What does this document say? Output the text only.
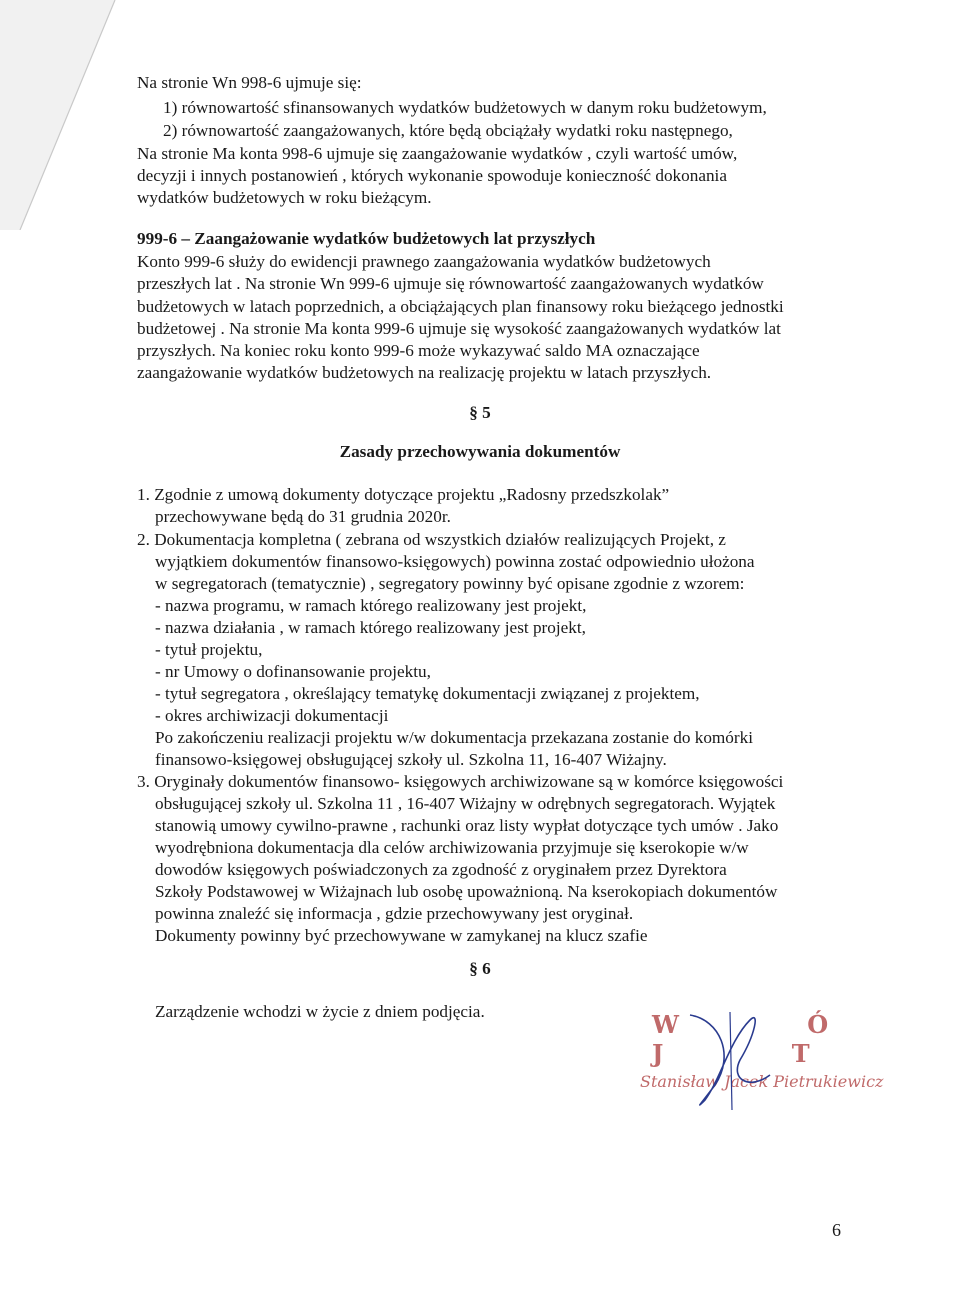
Na stronie Wn 998-6 ujmuje się:
1) równowartość sfinansowanych wydatków budżetowych w danym roku budżetowym,
2) równowartość zaangażowanych, które będą obciążały wydatki roku następnego,
Na stronie Ma konta 998-6 ujmuje się zaangażowanie wydatków , czyli wartość umów,
decyzji i innych postanowień , których wykonanie spowoduje konieczność dokonania
wydatków budżetowych w roku bieżącym.
999-6 – Zaangażowanie wydatków budżetowych lat przyszłych
Konto 999-6 służy do ewidencji prawnego zaangażowania wydatków budżetowych
przeszłych lat . Na stronie Wn 999-6 ujmuje się równowartość zaangażowanych wydatków
budżetowych w latach poprzednich, a obciążających plan finansowy roku bieżącego jednostki
budżetowej . Na stronie Ma konta 999-6 ujmuje się wysokość zaangażowanych wydatków lat
przyszłych. Na koniec roku konto 999-6 może wykazywać saldo MA oznaczające
zaangażowanie wydatków budżetowych na realizację projektu w latach przyszłych.
§ 5
Zasady przechowywania dokumentów
1. Zgodnie z umową dokumenty dotyczące projektu „Radosny przedszkolak”
przechowywane będą do 31 grudnia 2020r.
2. Dokumentacja kompletna ( zebrana od wszystkich działów realizujących Projekt, z
wyjątkiem dokumentów finansowo-księgowych) powinna zostać odpowiednio ułożona
w segregatorach (tematycznie) , segregatory powinny być opisane zgodnie z wzorem:
- nazwa programu, w ramach którego realizowany jest projekt,
- nazwa działania , w ramach którego realizowany jest projekt,
- tytuł projektu,
- nr Umowy o dofinansowanie projektu,
- tytuł segregatora , określający tematykę dokumentacji związanej z projektem,
- okres archiwizacji dokumentacji
Po zakończeniu realizacji projektu w/w dokumentacja przekazana zostanie do komórki
finansowo-księgowej obsługującej szkoły ul. Szkolna 11, 16-407 Wiżajny.
3. Oryginały dokumentów finansowo- księgowych archiwizowane są w komórce księgowości
obsługującej szkoły ul. Szkolna 11 , 16-407 Wiżajny w odrębnych segregatorach. Wyjątek
stanowią umowy cywilno-prawne , rachunki oraz listy wypłat dotyczące tych umów . Jako
wyodrębniona dokumentacja dla celów archiwizowania przyjmuje się kserokopie w/w
dowodów księgowych poświadczonych za zgodność z oryginałem przez Dyrektora
Szkoły Podstawowej w Wiżajnach lub osobę upoważnioną. Na kserokopiach dokumentów
powinna znaleźć się informacja , gdzie przechowywany jest oryginał.
Dokumenty powinny być przechowywane w zamykanej na klucz szafie
§ 6
Zarządzenie wchodzi w życie z dniem podjęcia.	W Ó J T
Stanisław Jacek Pietrukiewicz
6
